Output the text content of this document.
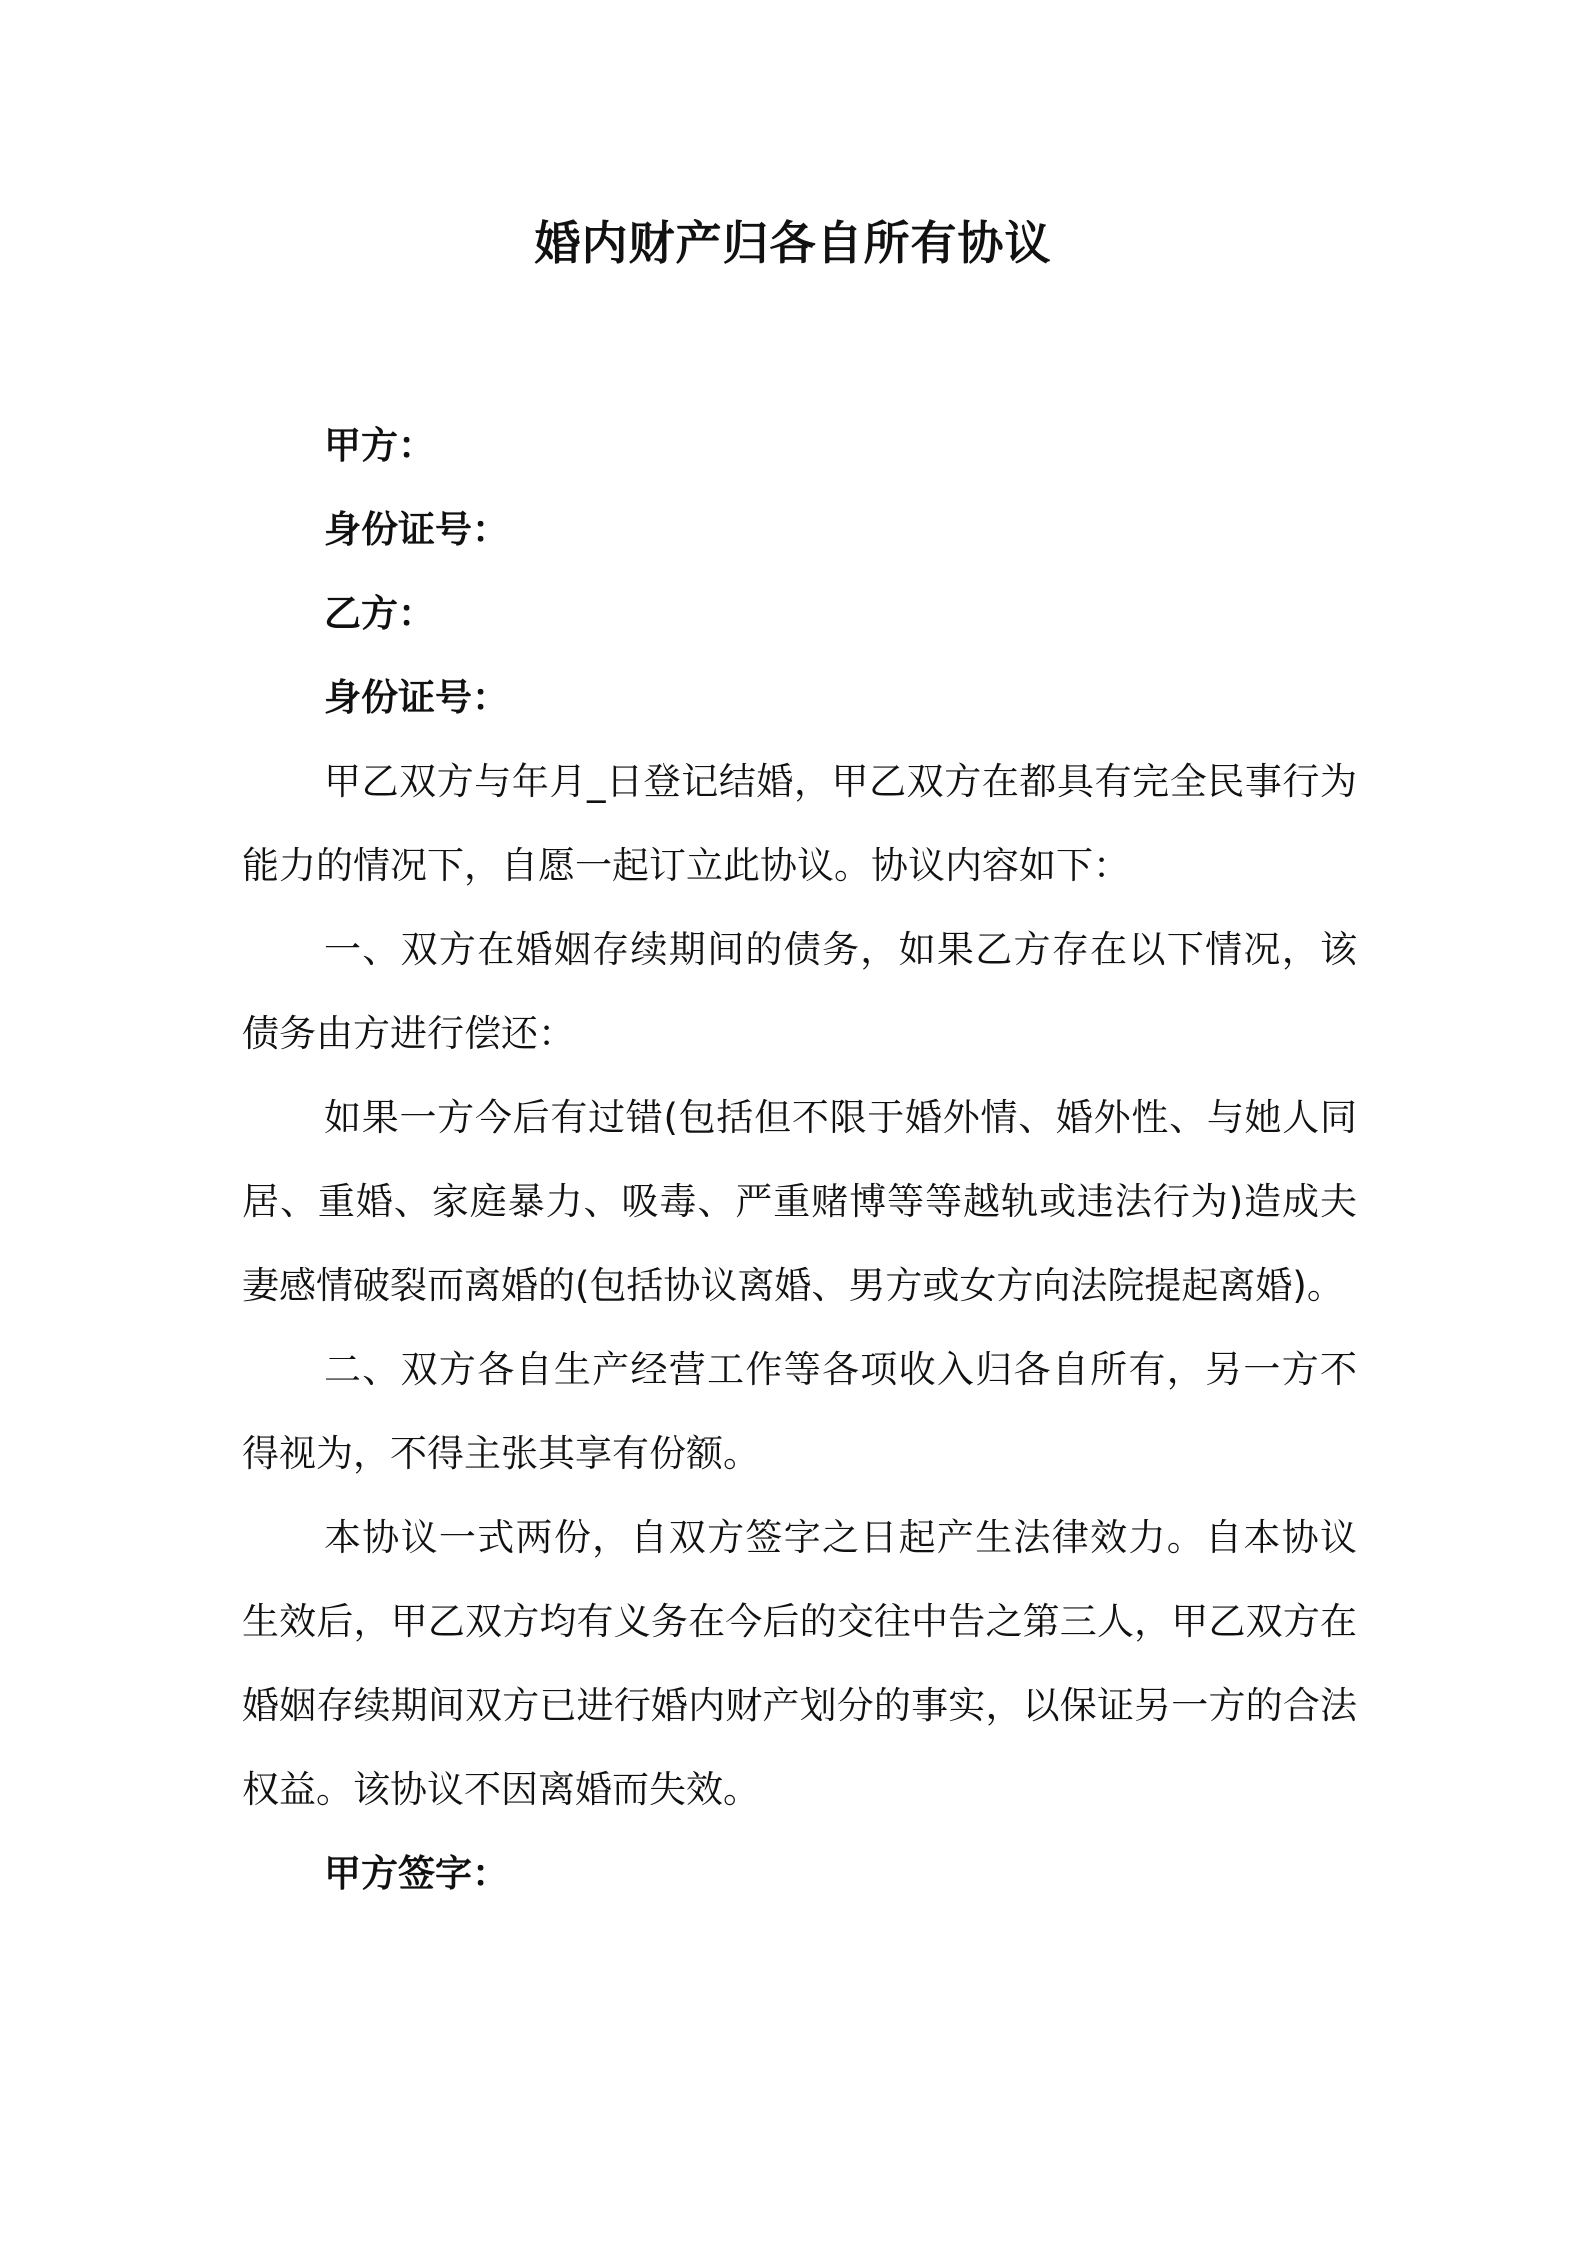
婚内财产归各自所有协议

甲方：

身份证号：

乙方：

身份证号：

甲乙双方与年月_日登记结婚，甲乙双方在都具有完全民事行为能力的情况下，自愿一起订立此协议。协议内容如下：

一、双方在婚姻存续期间的债务，如果乙方存在以下情况，该债务由方进行偿还：

如果一方今后有过错(包括但不限于婚外情、婚外性、与她人同居、重婚、家庭暴力、吸毒、严重赌博等等越轨或违法行为)造成夫妻感情破裂而离婚的(包括协议离婚、男方或女方向法院提起离婚)。

二、双方各自生产经营工作等各项收入归各自所有，另一方不得视为，不得主张其享有份额。

本协议一式两份，自双方签字之日起产生法律效力。自本协议生效后，甲乙双方均有义务在今后的交往中告之第三人，甲乙双方在婚姻存续期间双方已进行婚内财产划分的事实，以保证另一方的合法权益。该协议不因离婚而失效。

甲方签字：
